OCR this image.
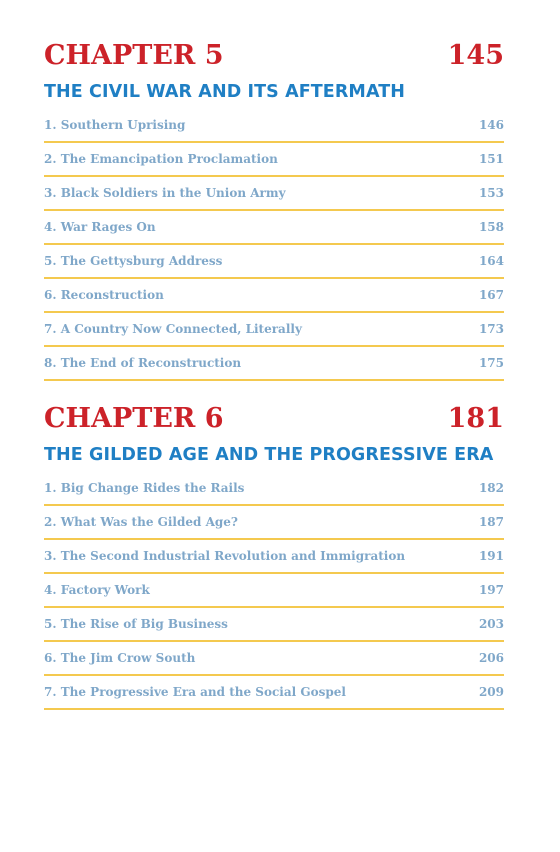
CHAPTER 5	145
THE CIVIL WAR AND ITS AFTERMATH
1. Southern Uprising	146
2. The Emancipation Proclamation	151
3. Black Soldiers in the Union Army	153
4. War Rages On	158
5. The Gettysburg Address	164
6. Reconstruction	167
7. A Country Now Connected, Literally	173
8. The End of Reconstruction	175
CHAPTER 6	181
THE GILDED AGE AND THE PROGRESSIVE ERA
1. Big Change Rides the Rails	182
2. What Was the Gilded Age?	187
3. The Second Industrial Revolution and Immigration	191
4. Factory Work	197
5. The Rise of Big Business	203
6. The Jim Crow South	206
7. The Progressive Era and the Social Gospel	209
